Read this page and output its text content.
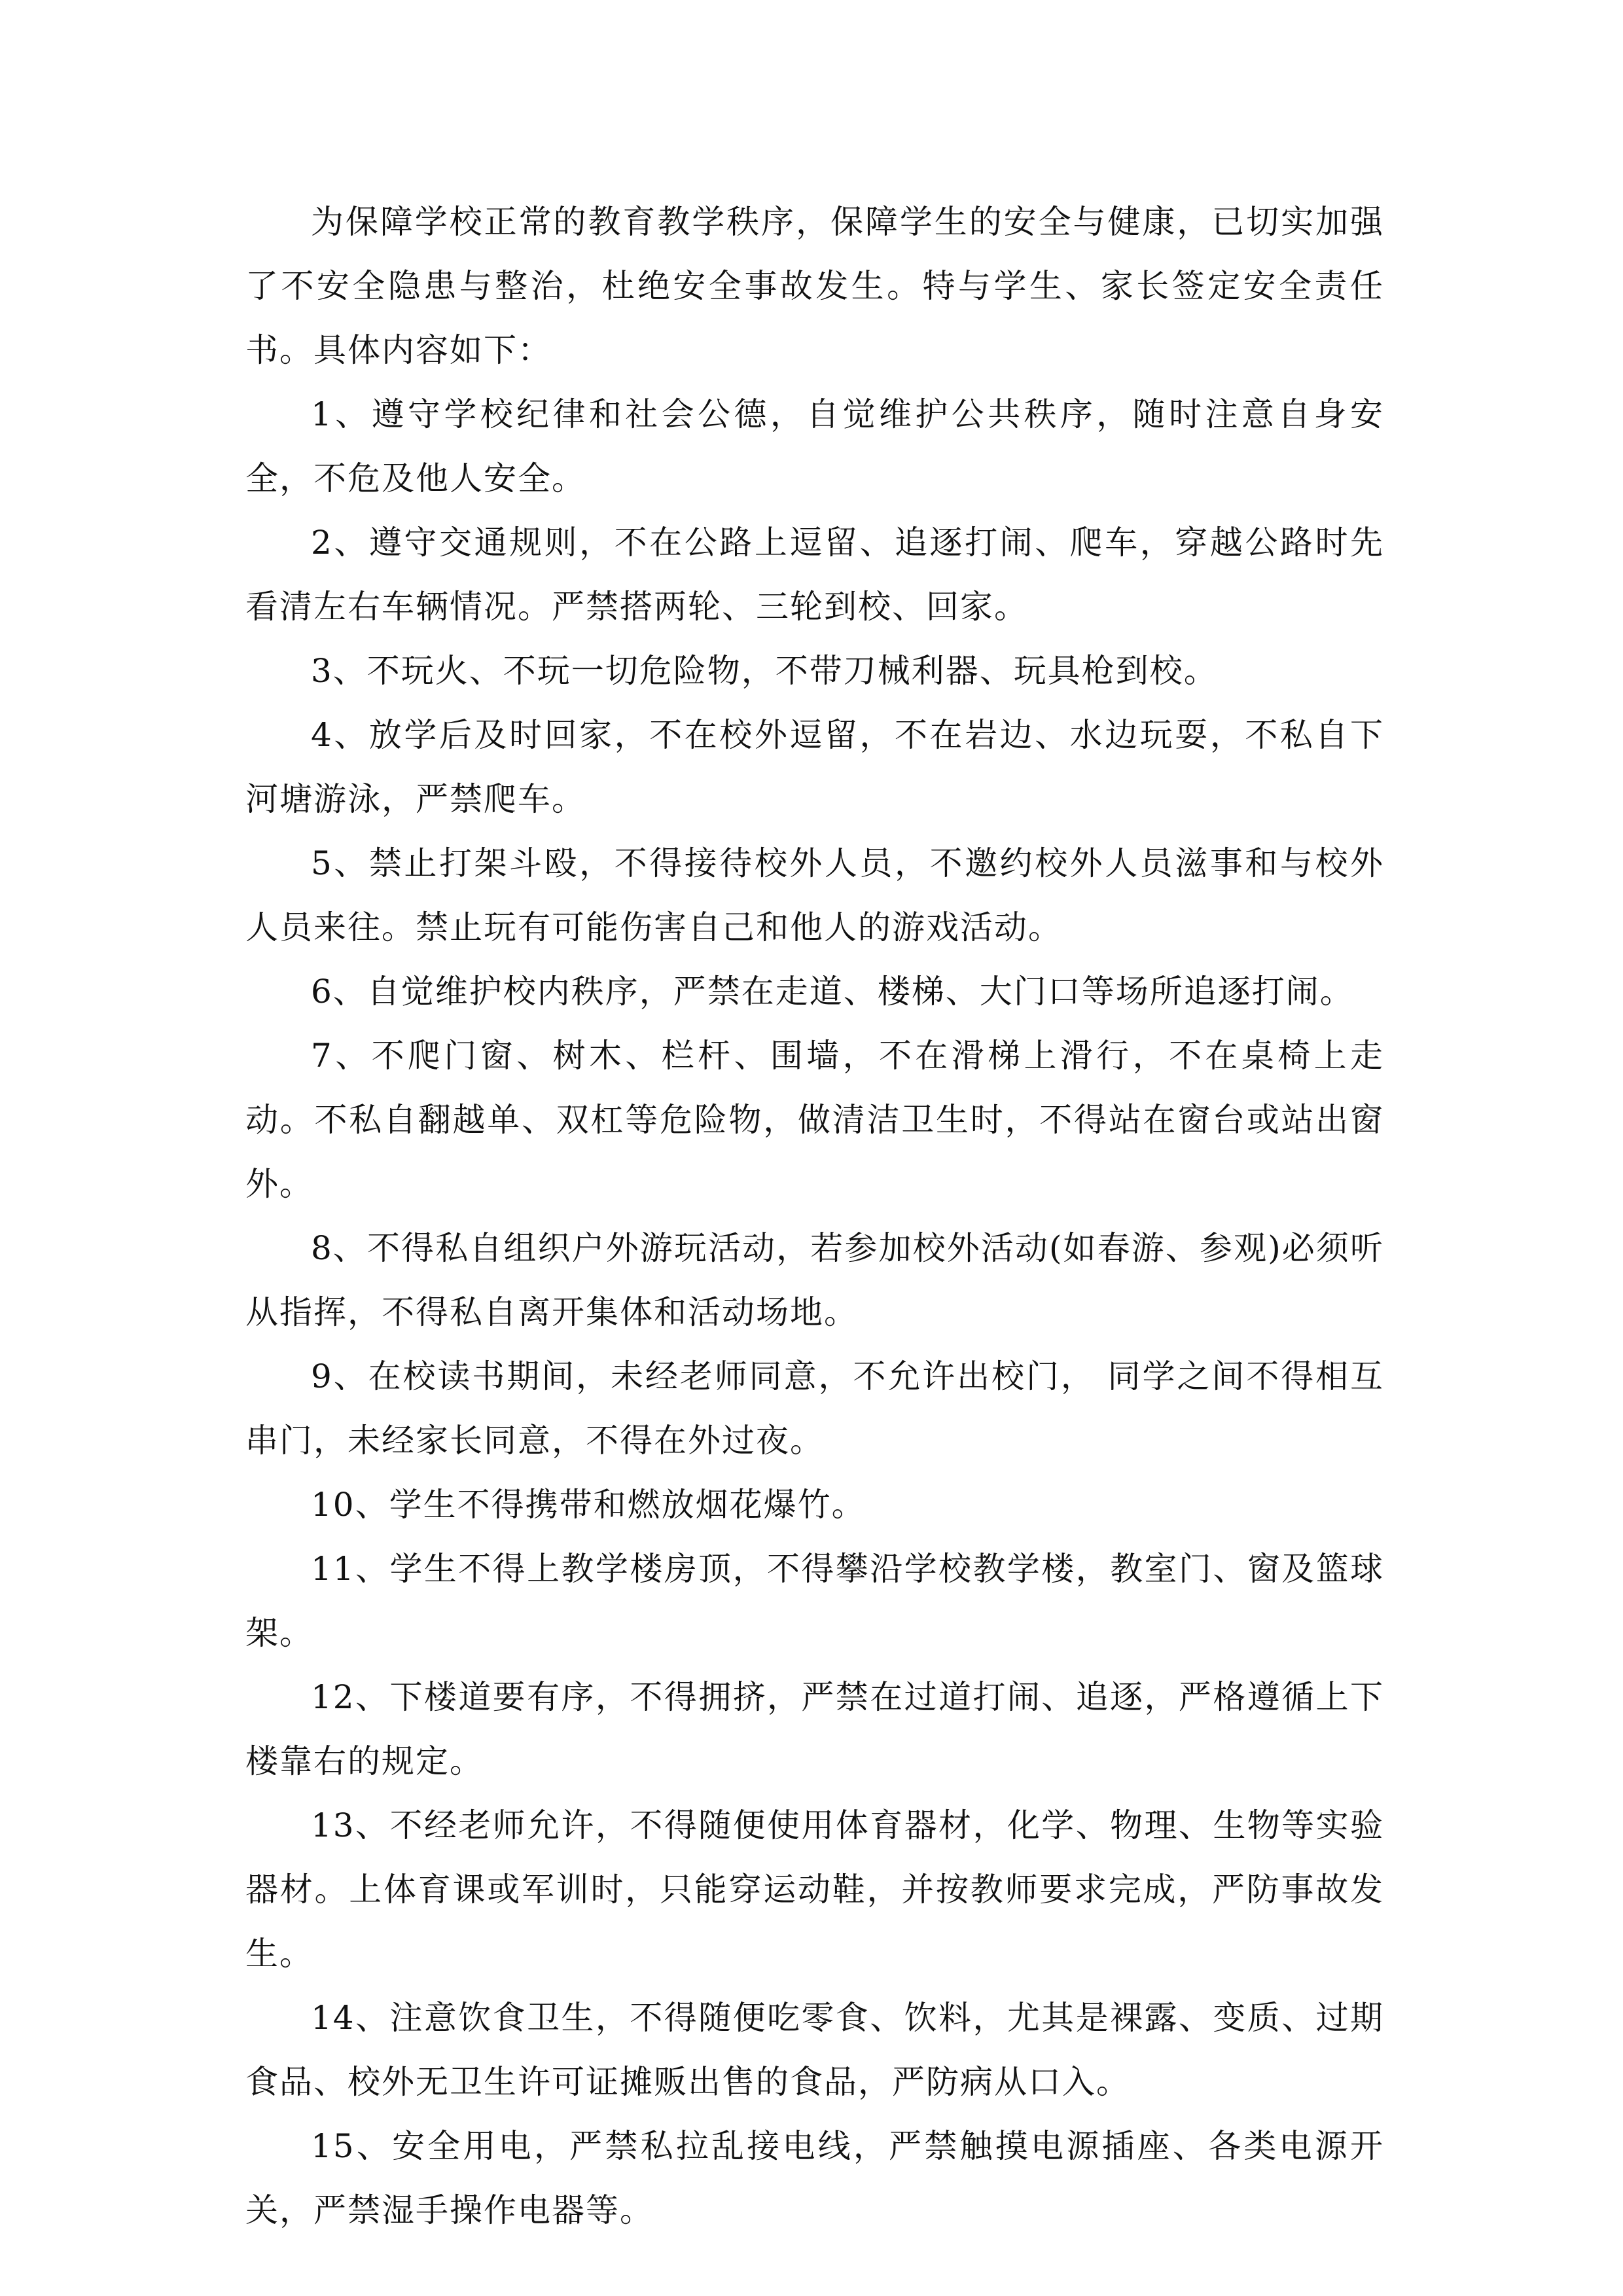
为保障学校正常的教育教学秩序，保障学生的安全与健康，已切实加强了不安全隐患与整治，杜绝安全事故发生。特与学生、家长签定安全责任书。具体内容如下：

1、遵守学校纪律和社会公德，自觉维护公共秩序，随时注意自身安全，不危及他人安全。

2、遵守交通规则，不在公路上逗留、追逐打闹、爬车，穿越公路时先看清左右车辆情况。严禁搭两轮、三轮到校、回家。

3、不玩火、不玩一切危险物，不带刀械利器、玩具枪到校。

4、放学后及时回家，不在校外逗留，不在岩边、水边玩耍，不私自下河塘游泳，严禁爬车。

5、禁止打架斗殴，不得接待校外人员，不邀约校外人员滋事和与校外人员来往。禁止玩有可能伤害自己和他人的游戏活动。

6、自觉维护校内秩序，严禁在走道、楼梯、大门口等场所追逐打闹。

7、不爬门窗、树木、栏杆、围墙，不在滑梯上滑行，不在桌椅上走动。不私自翻越单、双杠等危险物，做清洁卫生时，不得站在窗台或站出窗外。

8、不得私自组织户外游玩活动，若参加校外活动(如春游、参观)必须听从指挥，不得私自离开集体和活动场地。

9、在校读书期间，未经老师同意，不允许出校门， 同学之间不得相互串门，未经家长同意，不得在外过夜。

10、学生不得携带和燃放烟花爆竹。

11、学生不得上教学楼房顶，不得攀沿学校教学楼，教室门、窗及篮球架。

12、下楼道要有序，不得拥挤，严禁在过道打闹、追逐，严格遵循上下楼靠右的规定。

13、不经老师允许，不得随便使用体育器材，化学、物理、生物等实验器材。上体育课或军训时，只能穿运动鞋，并按教师要求完成，严防事故发生。

14、注意饮食卫生，不得随便吃零食、饮料，尤其是裸露、变质、过期食品、校外无卫生许可证摊贩出售的食品，严防病从口入。

15、安全用电，严禁私拉乱接电线，严禁触摸电源插座、各类电源开关，严禁湿手操作电器等。
